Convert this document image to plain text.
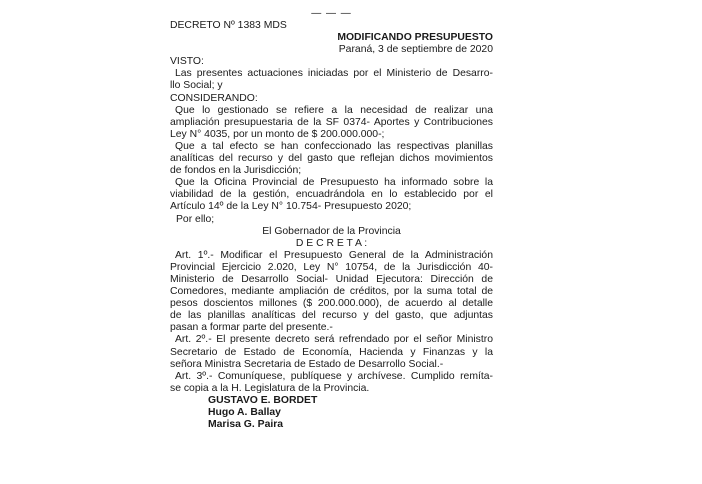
— — —
DECRETO Nº 1383 MDS
MODIFICANDO PRESUPUESTO
Paraná, 3 de septiembre de 2020
VISTO:
Las presentes actuaciones iniciadas por el Ministerio de Desarro-
llo Social; y
CONSIDERANDO:
Que lo gestionado se refiere a la necesidad de realizar una
ampliación presupuestaria de la SF 0374- Aportes y Contribuciones
Ley N° 4035, por un monto de $ 200.000.000-;
Que a tal efecto se han confeccionado las respectivas planillas
analíticas del recurso y del gasto que reflejan dichos movimientos
de fondos en la Jurisdicción;
Que la Oficina Provincial de Presupuesto ha informado sobre la
viabilidad de la gestión, encuadrándola en lo establecido por el
Artículo 14º de la Ley N° 10.754- Presupuesto 2020;
Por ello;
El Gobernador de la Provincia
D E C R E T A :
Art. 1º.- Modificar el Presupuesto General de la Administración
Provincial Ejercicio 2.020, Ley N° 10754, de la Jurisdicción 40-
Ministerio de Desarrollo Social- Unidad Ejecutora: Dirección de
Comedores, mediante ampliación de créditos, por la suma total de
pesos doscientos millones ($ 200.000.000), de acuerdo al detalle
de las planillas analíticas del recurso y del gasto, que adjuntas
pasan a formar parte del presente.-
Art. 2º.- El presente decreto será refrendado por el señor Ministro
Secretario de Estado de Economía, Hacienda y Finanzas y la
señora Ministra Secretaria de Estado de Desarrollo Social.-
Art. 3º.- Comuníquese, publíquese y archívese. Cumplido remíta-
se copia a la H. Legislatura de la Provincia.
GUSTAVO E. BORDET
Hugo A. Ballay
Marisa G. Paira
